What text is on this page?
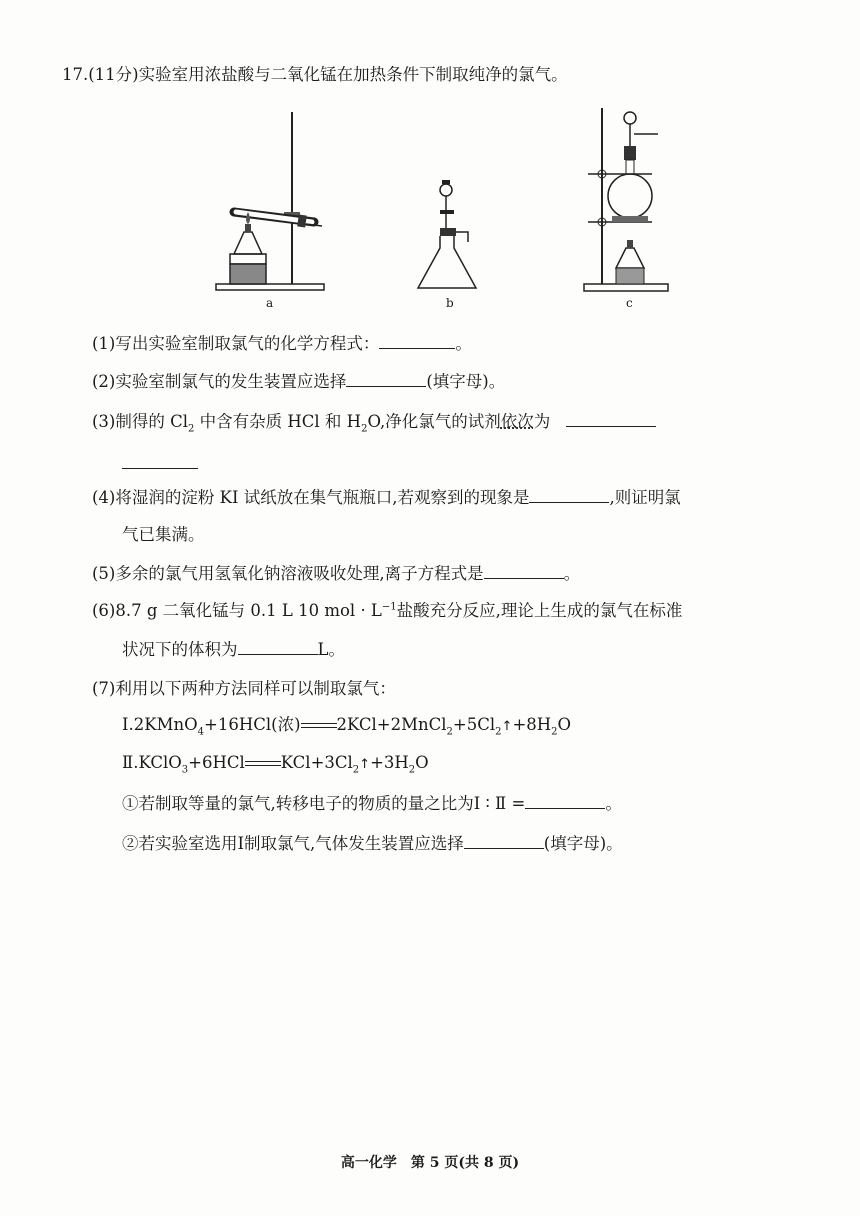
17.(11分)实验室用浓盐酸与二氧化锰在加热条件下制取纯净的氯气。
a	b	c
(1)写出实验室制取氯气的化学方程式：	。
(2)实验室制氯气的发生装置应选择	(填字母)。
(3)制得的 $Cl_2$ 中含有杂质 HCl 和 $H_2O$,净化氯气的试剂依次为
(4)将湿润的淀粉 KI 试纸放在集气瓶瓶口,若观察到的现象是	,则证明氯
气已集满。
(5)多余的氯气用氢氧化钠溶液吸收处理,离子方程式是	。
(6)8.7 g 二氧化锰与 0.1 L 10 mol · $L^{-1}$盐酸充分反应,理论上生成的氯气在标准
状况下的体积为	L。
(7)利用以下两种方法同样可以制取氯气：
Ⅰ.2KMnO$_4$+16HCl(浓) $2KCl+2MnCl_2+5Cl_2↑+8H_2O$
Ⅱ.KClO$_3$+6HCl $KCl+3Cl_2↑+3H_2O$
①若制取等量的氯气,转移电子的物质的量之比为Ⅰ ∶ Ⅱ =	。
②若实验室选用Ⅰ制取氯气,气体发生装置应选择	(填字母)。
高一化学　第 5 页(共 8 页)
